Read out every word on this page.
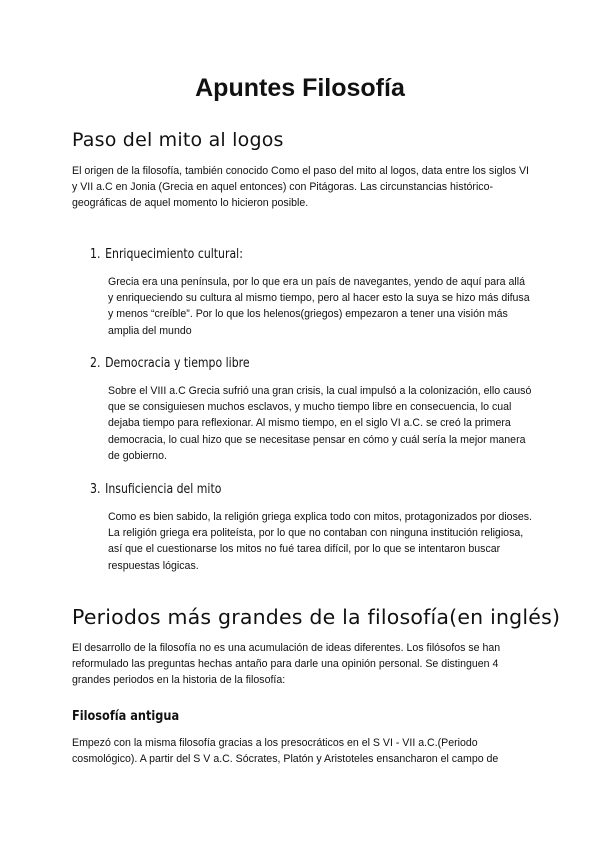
Apuntes Filosofía
Paso del mito al logos

El origen de la filosofía, también conocido Como el paso del mito al logos, data entre los siglos VI y VII a.C en Jonia (Grecia en aquel entonces) con Pitágoras. Las circunstancias histórico-geográficas de aquel momento lo hicieron posible.

1. Enriquecimiento cultural:

Grecia era una península, por lo que era un país de navegantes, yendo de aquí para allá y enriqueciendo su cultura al mismo tiempo, pero al hacer esto la suya se hizo más difusa y menos “creíble”. Por lo que los helenos(griegos) empezaron a tener una visión más amplia del mundo

2. Democracia y tiempo libre

Sobre el VIII a.C Grecia sufrió una gran crisis, la cual impulsó a la colonización, ello causó que se consiguiesen muchos esclavos, y mucho tiempo libre en consecuencia, lo cual dejaba tiempo para reflexionar. Al mismo tiempo, en el siglo VI a.C. se creó la primera democracia, lo cual hizo que se necesitase pensar en cómo y cuál sería la mejor manera de gobierno.

3. Insuficiencia del mito

Como es bien sabido, la religión griega explica todo con mitos, protagonizados por dioses. La religión griega era politeísta, por lo que no contaban con ninguna institución religiosa, así que el cuestionarse los mitos no fué tarea difícil, por lo que se intentaron buscar respuestas lógicas.

Periodos más grandes de la filosofía(en inglés)

El desarrollo de la filosofía no es una acumulación de ideas diferentes. Los filósofos se han reformulado las preguntas hechas antaño para darle una opinión personal. Se distinguen 4 grandes periodos en la historia de la filosofía:

Filosofía antigua

Empezó con la misma filosofía gracias a los presocráticos en el S VI - VII a.C.(Periodo cosmológico). A partir del S V a.C. Sócrates, Platón y Aristoteles ensancharon el campo de
